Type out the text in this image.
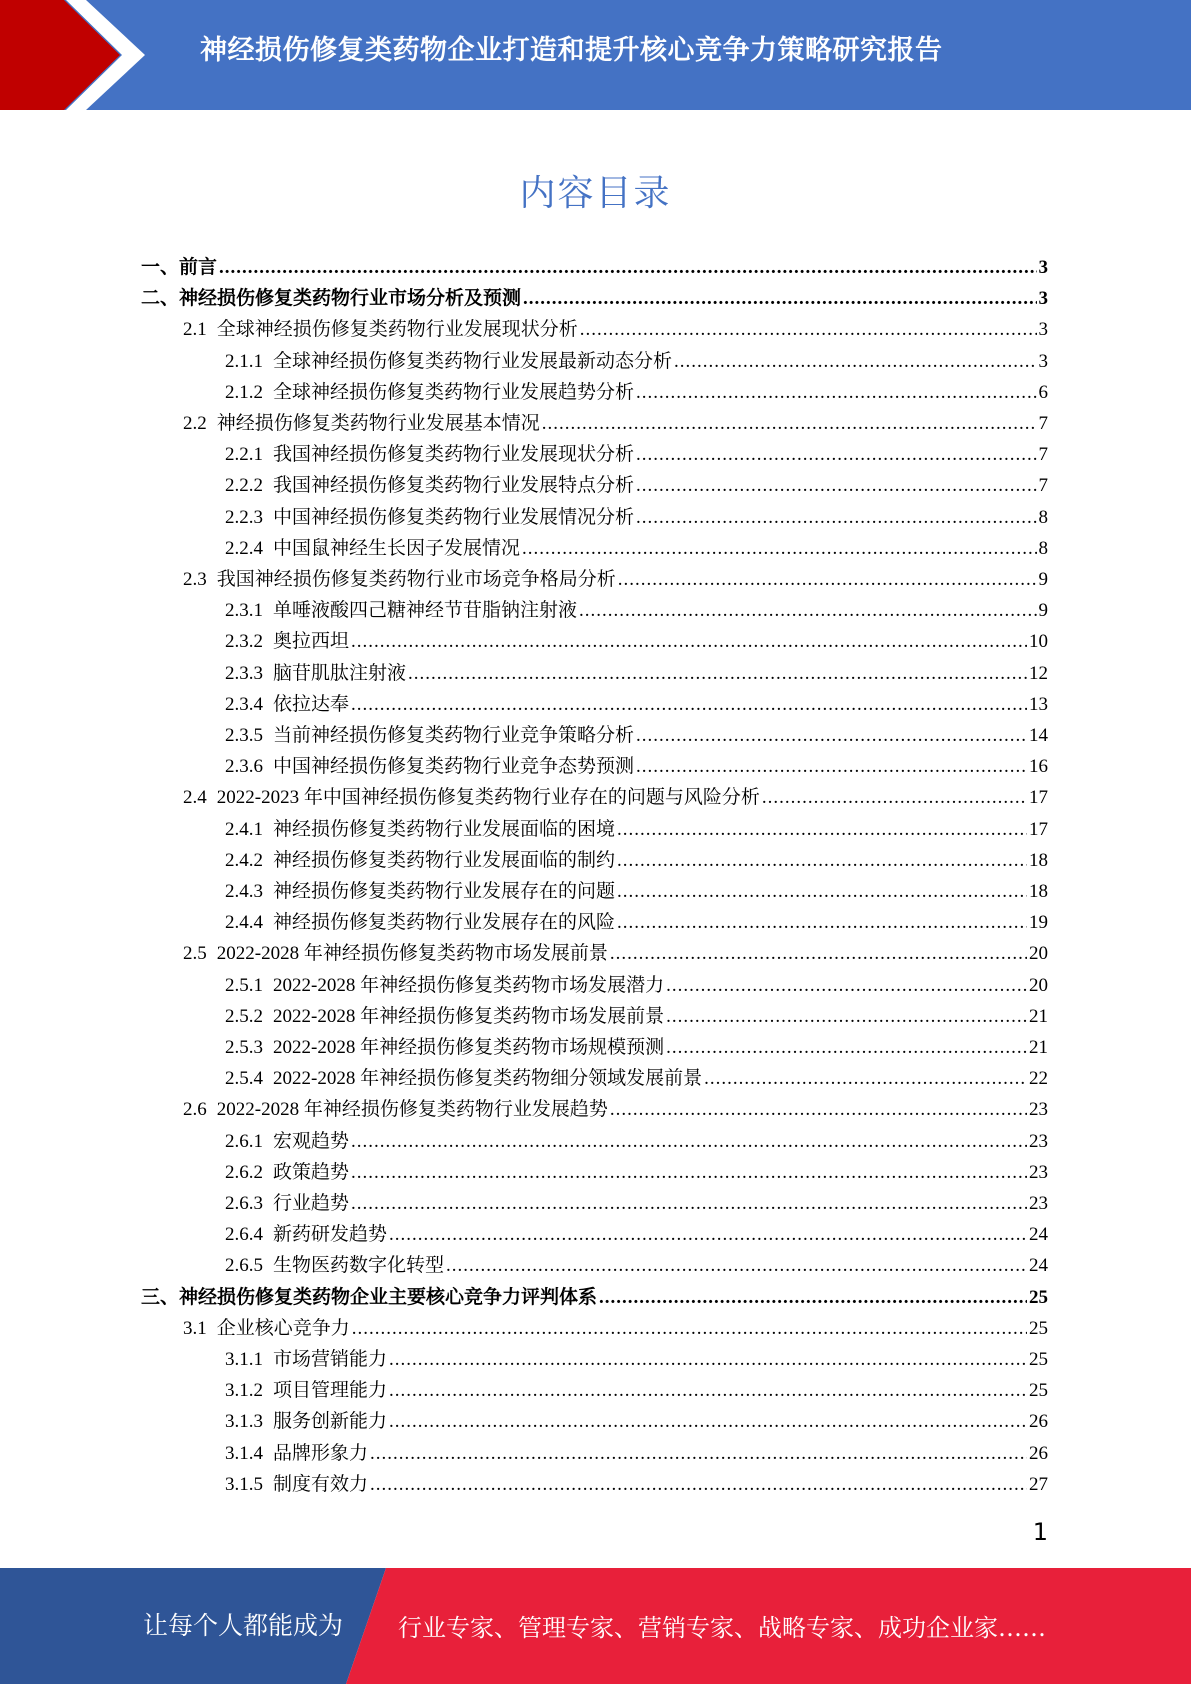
神经损伤修复类药物企业打造和提升核心竞争力策略研究报告
内容目录
一、 前言 .....	3
二、 神经损伤修复类药物行业市场分析及预测 .....	3
2.1 全球神经损伤修复类药物行业发展现状分析 .....	3
2.1.1 全球神经损伤修复类药物行业发展最新动态分析 .....	3
2.1.2 全球神经损伤修复类药物行业发展趋势分析 .....	6
2.2 神经损伤修复类药物行业发展基本情况 .....	7
2.2.1 我国神经损伤修复类药物行业发展现状分析 .....	7
2.2.2 我国神经损伤修复类药物行业发展特点分析 .....	7
2.2.3 中国神经损伤修复类药物行业发展情况分析 .....	8
2.2.4 中国鼠神经生长因子发展情况 .....	8
2.3 我国神经损伤修复类药物行业市场竞争格局分析 .....	9
2.3.1 单唾液酸四己糖神经节苷脂钠注射液 .....	9
2.3.2 奥拉西坦 .....	10
2.3.3 脑苷肌肽注射液 .....	12
2.3.4 依拉达奉 .....	13
2.3.5 当前神经损伤修复类药物行业竞争策略分析 .....	14
2.3.6 中国神经损伤修复类药物行业竞争态势预测 .....	16
2.4 2022-2023 年中国神经损伤修复类药物行业存在的问题与风险分析 .....	17
2.4.1 神经损伤修复类药物行业发展面临的困境 .....	17
2.4.2 神经损伤修复类药物行业发展面临的制约 .....	18
2.4.3 神经损伤修复类药物行业发展存在的问题 .....	18
2.4.4 神经损伤修复类药物行业发展存在的风险 .....	19
2.5 2022-2028 年神经损伤修复类药物市场发展前景 .....	20
2.5.1 2022-2028 年神经损伤修复类药物市场发展潜力 .....	20
2.5.2 2022-2028 年神经损伤修复类药物市场发展前景 .....	21
2.5.3 2022-2028 年神经损伤修复类药物市场规模预测 .....	21
2.5.4 2022-2028 年神经损伤修复类药物细分领域发展前景 .....	22
2.6 2022-2028 年神经损伤修复类药物行业发展趋势 .....	23
2.6.1 宏观趋势 .....	23
2.6.2 政策趋势 .....	23
2.6.3 行业趋势 .....	23
2.6.4 新药研发趋势 .....	24
2.6.5 生物医药数字化转型 .....	24
三、 神经损伤修复类药物企业主要核心竞争力评判体系 .....	25
3.1 企业核心竞争力 .....	25
3.1.1 市场营销能力 .....	25
3.1.2 项目管理能力 .....	25
3.1.3 服务创新能力 .....	26
3.1.4 品牌形象力 .....	26
3.1.5 制度有效力 .....	27
1
让每个人都能成为 行业专家、管理专家、营销专家、战略专家、成功企业家……
